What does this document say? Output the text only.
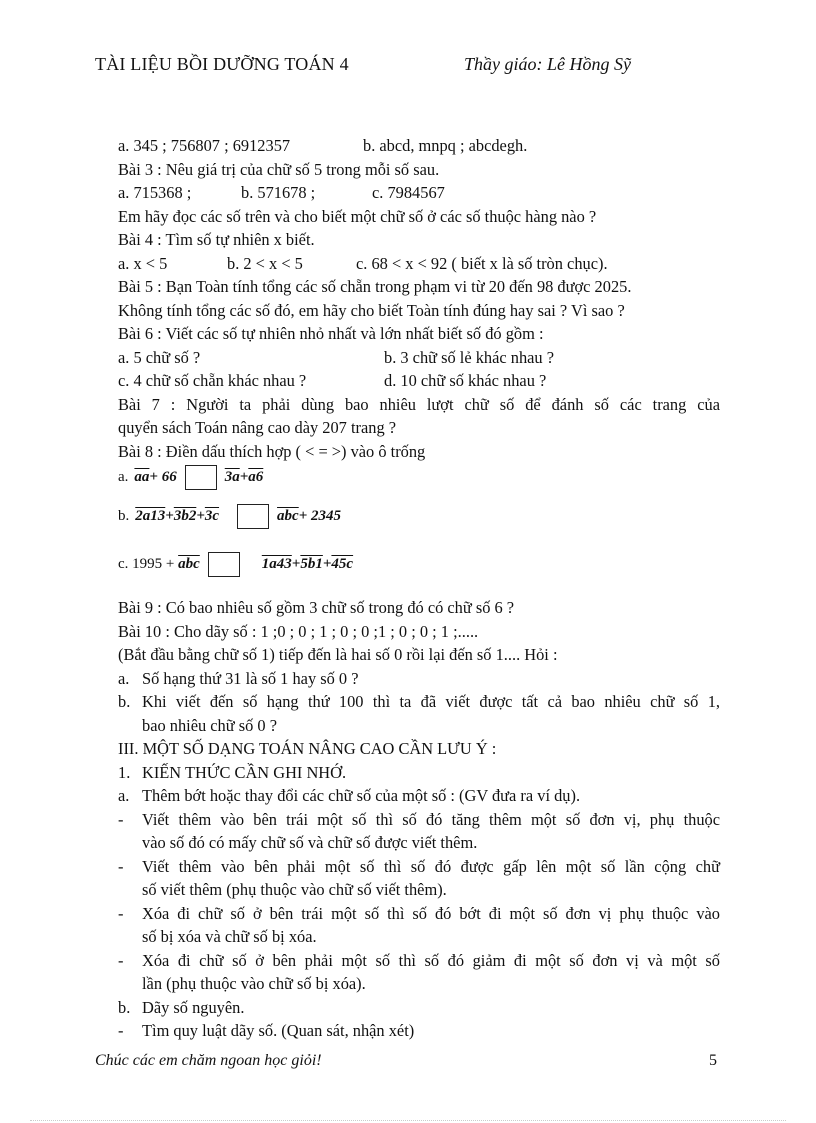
TÀI LIỆU BỒI DƯỠNG TOÁN 4	Thầy giáo: Lê Hồng Sỹ
a. 345 ; 756807 ; 6912357	b. abcd, mnpq ; abcdegh.
Bài 3 : Nêu giá trị của chữ số 5 trong mỗi số sau.
a. 715368 ;	b. 571678 ;	c. 7984567
Em hãy đọc các số trên và cho biết một chữ số ở các số thuộc hàng nào ?
Bài 4 : Tìm số tự nhiên x biết.
a. x < 5	b. 2 < x < 5	c. 68 < x < 92 ( biết x là số tròn chục).
Bài 5 : Bạn Toàn tính tổng các số chẵn trong phạm vi từ 20 đến 98 được 2025.
Không tính tổng các số đó, em hãy cho biết Toàn tính đúng hay sai ? Vì sao ?
Bài 6 : Viết các số tự nhiên nhỏ nhất và lớn nhất biết số đó gồm :
a. 5 chữ số ?	b. 3 chữ số lẻ khác nhau ?
c. 4 chữ số chẵn khác nhau ?	d. 10 chữ số khác nhau ?
Bài 7 : Người ta phải dùng bao nhiêu lượt chữ số để đánh số các trang của
quyển sách Toán nâng cao dày 207 trang ?
Bài 8 : Điền dấu thích hợp ( < = >) vào ô trống
a. $\overline{aa} + 66$	3a + a6
b. 2a13 + 3b2 + 3c	$\overline{abc} + 2345$
c. $1995 + \overline{abc}$	1a43 + 5b1 + 45c
Bài 9 : Có bao nhiêu số gồm 3 chữ số trong đó có chữ số 6 ?
Bài 10 : Cho dãy số : 1 ;0 ; 0 ; 1 ; 0 ; 0 ;1 ; 0 ; 0 ; 1 ;.....
(Bắt đầu bằng chữ số 1) tiếp đến là hai số 0 rồi lại đến số 1.... Hỏi :
a. Số hạng thứ 31 là số 1 hay số 0 ?
b. Khi viết đến số hạng thứ 100 thì ta đã viết được tất cả bao nhiêu chữ số 1,
bao nhiêu chữ số 0 ?
III. MỘT SỐ DẠNG TOÁN NÂNG CAO CẦN LƯU Ý :
1. KIẾN THỨC CẦN GHI NHỚ.
a. Thêm bớt hoặc thay đổi các chữ số của một số : (GV đưa ra ví dụ).
-	Viết thêm vào bên trái một số thì số đó tăng thêm một số đơn vị, phụ thuộc
vào số đó có mấy chữ số và chữ số được viết thêm.
-	Viết thêm vào bên phải một số thì số đó được gấp lên một số lần cộng chữ
số viết thêm (phụ thuộc vào chữ số viết thêm).
-	Xóa đi chữ số ở bên trái một số thì số đó bớt đi một số đơn vị phụ thuộc vào
số bị xóa và chữ số bị xóa.
-	Xóa đi chữ số ở bên phải một số thì số đó giảm đi một số đơn vị và một số
lần (phụ thuộc vào chữ số bị xóa).
b. Dãy số nguyên.
-	Tìm quy luật dãy số. (Quan sát, nhận xét)
Chúc các em chăm ngoan học giỏi!	5
